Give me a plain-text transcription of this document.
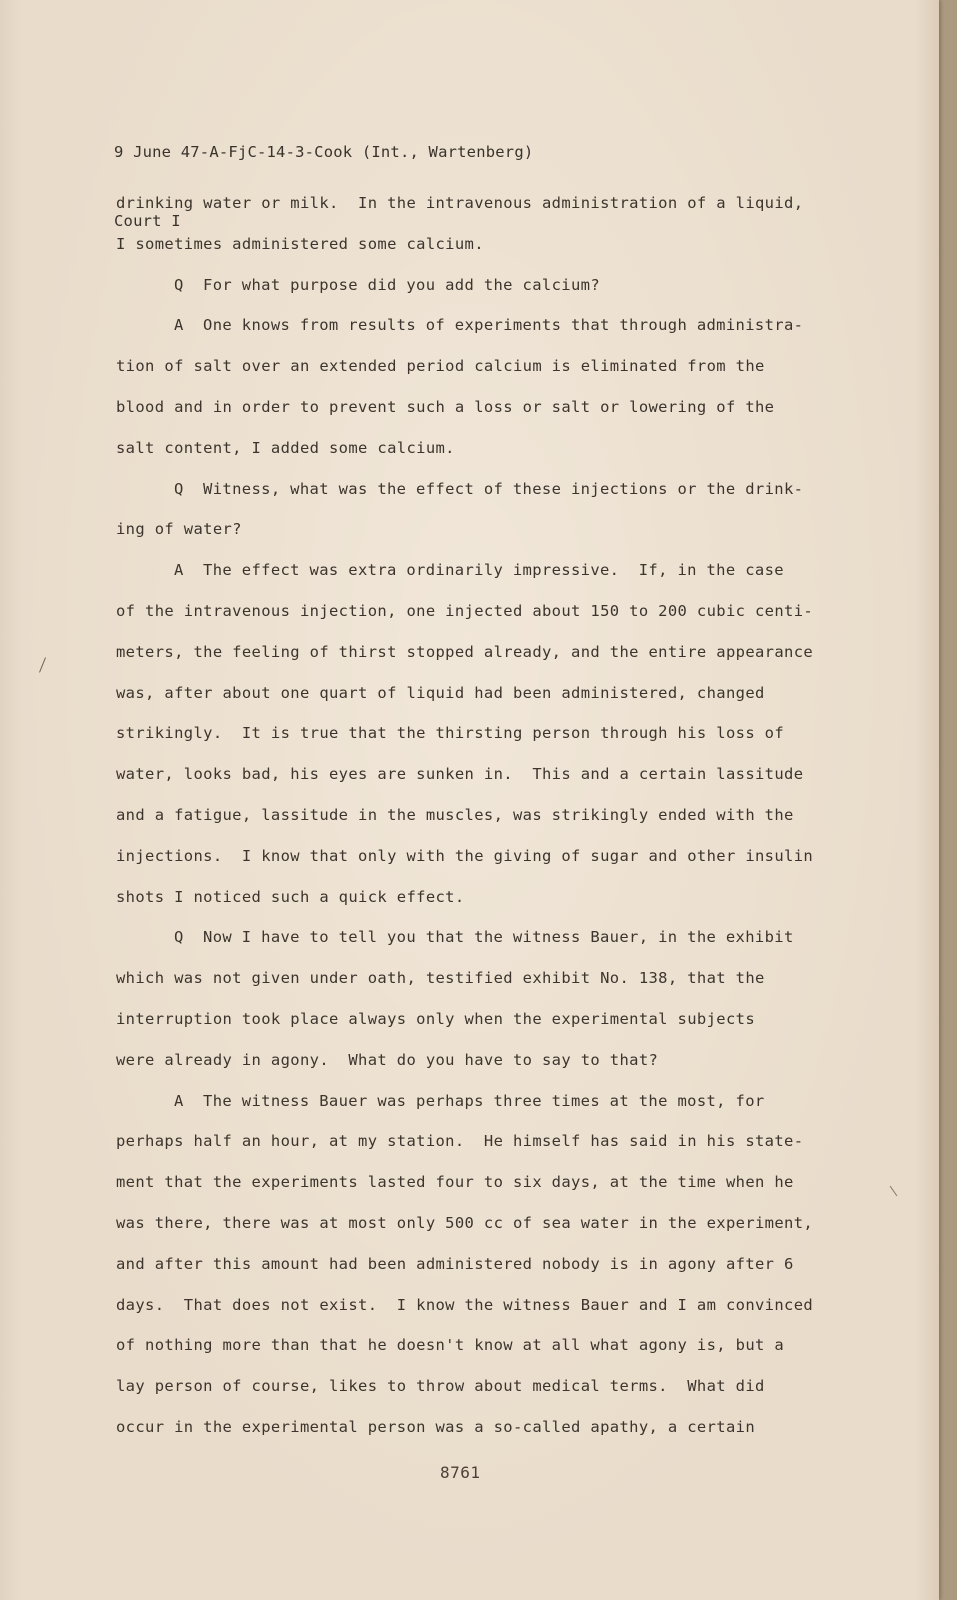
9 June 47-A-FjC-14-3-Cook (Int., Wartenberg)

Court I

drinking water or milk.  In the intravenous administration of a liquid,
I sometimes administered some calcium.
Q  For what purpose did you add the calcium?
A  One knows from results of experiments that through administra-
tion of salt over an extended period calcium is eliminated from the
blood and in order to prevent such a loss or salt or lowering of the
salt content, I added some calcium.
Q  Witness, what was the effect of these injections or the drink-
ing of water?
A  The effect was extra ordinarily impressive.  If, in the case
of the intravenous injection, one injected about 150 to 200 cubic centi-
meters, the feeling of thirst stopped already, and the entire appearance
was, after about one quart of liquid had been administered, changed
strikingly.  It is true that the thirsting person through his loss of
water, looks bad, his eyes are sunken in.  This and a certain lassitude
and a fatigue, lassitude in the muscles, was strikingly ended with the
injections.  I know that only with the giving of sugar and other insulin
shots I noticed such a quick effect.
Q  Now I have to tell you that the witness Bauer, in the exhibit
which was not given under oath, testified exhibit No. 138, that the
interruption took place always only when the experimental subjects
were already in agony.  What do you have to say to that?
A  The witness Bauer was perhaps three times at the most, for
perhaps half an hour, at my station.  He himself has said in his state-
ment that the experiments lasted four to six days, at the time when he
was there, there was at most only 500 cc of sea water in the experiment,
and after this amount had been administered nobody is in agony after 6
days.  That does not exist.  I know the witness Bauer and I am convinced
of nothing more than that he doesn't know at all what agony is, but a
lay person of course, likes to throw about medical terms.  What did
occur in the experimental person was a so-called apathy, a certain
8761
